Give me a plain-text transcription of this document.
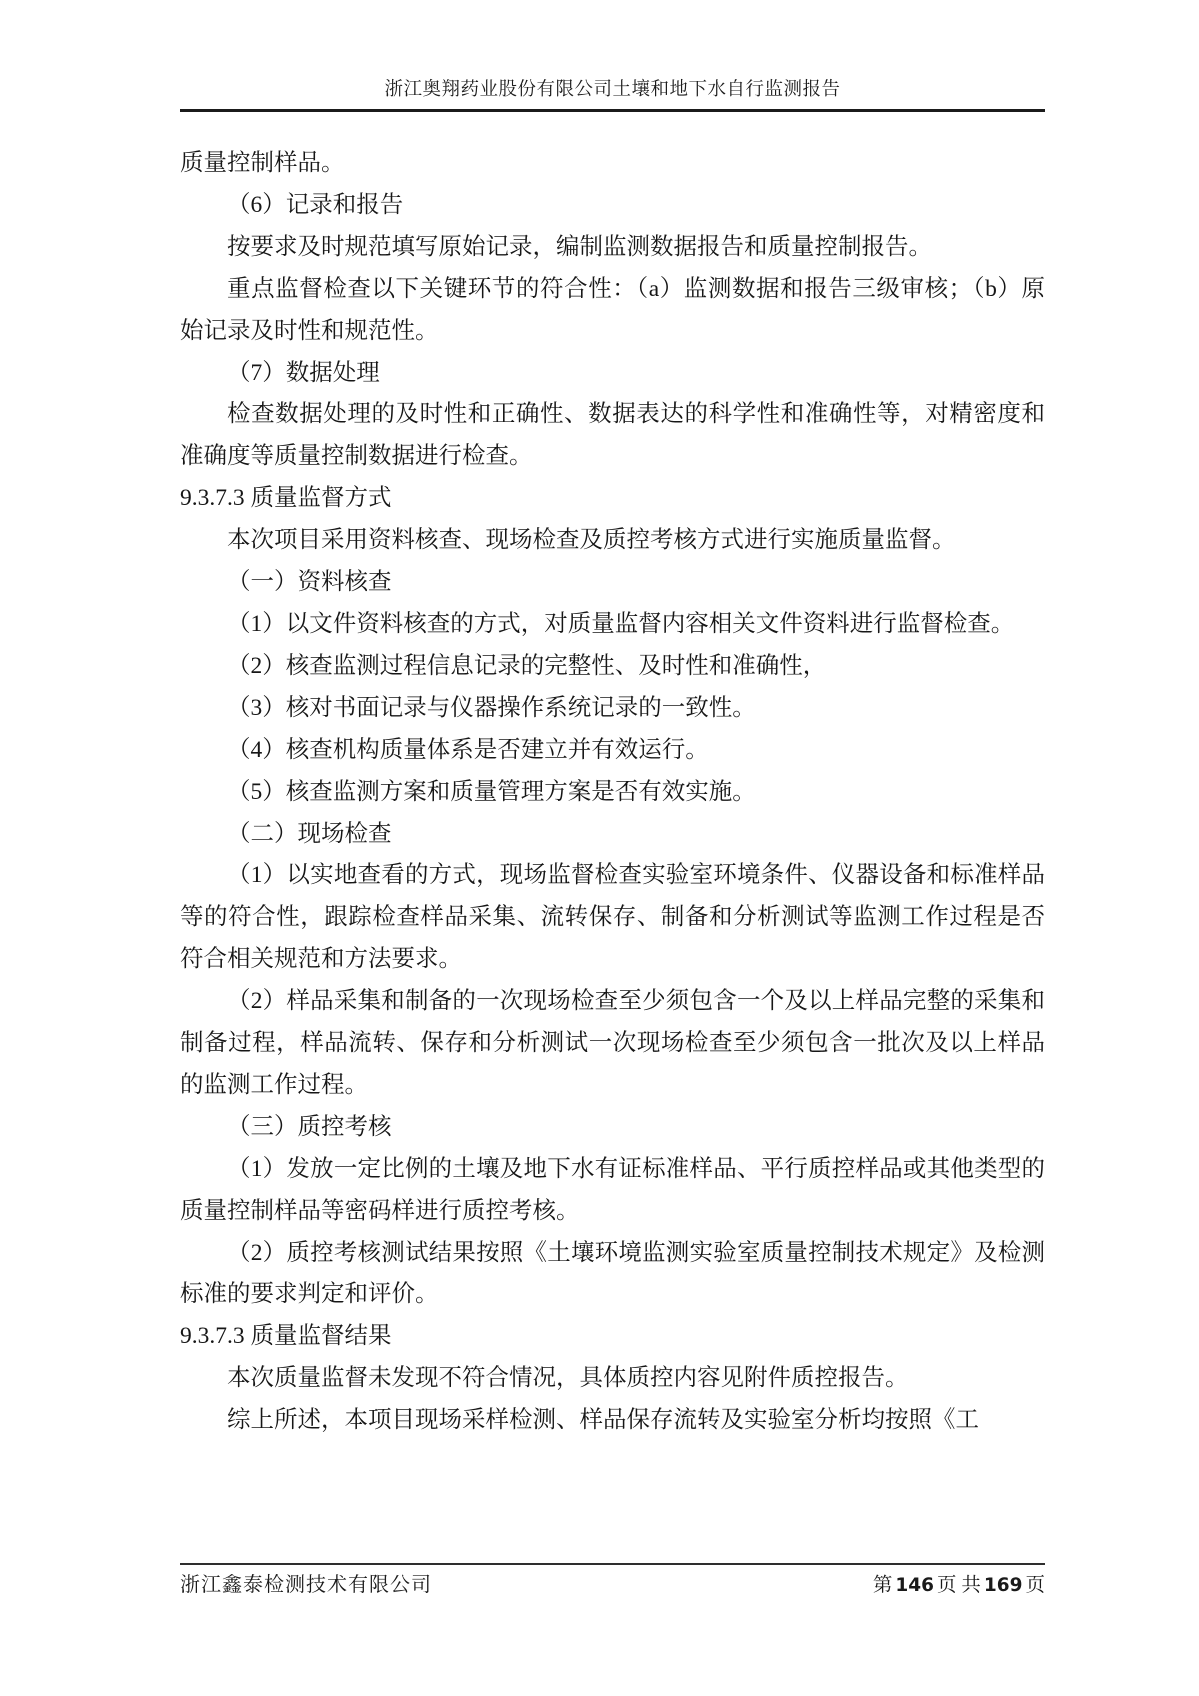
浙江奥翔药业股份有限公司土壤和地下水自行监测报告
质量控制样品。
（6）记录和报告
按要求及时规范填写原始记录，编制监测数据报告和质量控制报告。
重点监督检查以下关键环节的符合性：（a）监测数据和报告三级审核；（b）原始记录及时性和规范性。
（7）数据处理
检查数据处理的及时性和正确性、数据表达的科学性和准确性等，对精密度和准确度等质量控制数据进行检查。
9.3.7.3 质量监督方式
本次项目采用资料核查、现场检查及质控考核方式进行实施质量监督。
（一）资料核查
（1）以文件资料核查的方式，对质量监督内容相关文件资料进行监督检查。
（2）核查监测过程信息记录的完整性、及时性和准确性，
（3）核对书面记录与仪器操作系统记录的一致性。
（4）核查机构质量体系是否建立并有效运行。
（5）核查监测方案和质量管理方案是否有效实施。
（二）现场检查
（1）以实地查看的方式，现场监督检查实验室环境条件、仪器设备和标准样品等的符合性，跟踪检查样品采集、流转保存、制备和分析测试等监测工作过程是否符合相关规范和方法要求。
（2）样品采集和制备的一次现场检查至少须包含一个及以上样品完整的采集和制备过程，样品流转、保存和分析测试一次现场检查至少须包含一批次及以上样品的监测工作过程。
（三）质控考核
（1）发放一定比例的土壤及地下水有证标准样品、平行质控样品或其他类型的质量控制样品等密码样进行质控考核。
（2）质控考核测试结果按照《土壤环境监测实验室质量控制技术规定》及检测标准的要求判定和评价。
9.3.7.3 质量监督结果
本次质量监督未发现不符合情况，具体质控内容见附件质控报告。
综上所述，本项目现场采样检测、样品保存流转及实验室分析均按照《工
浙江鑫泰检测技术有限公司	第 146 页 共 169 页
